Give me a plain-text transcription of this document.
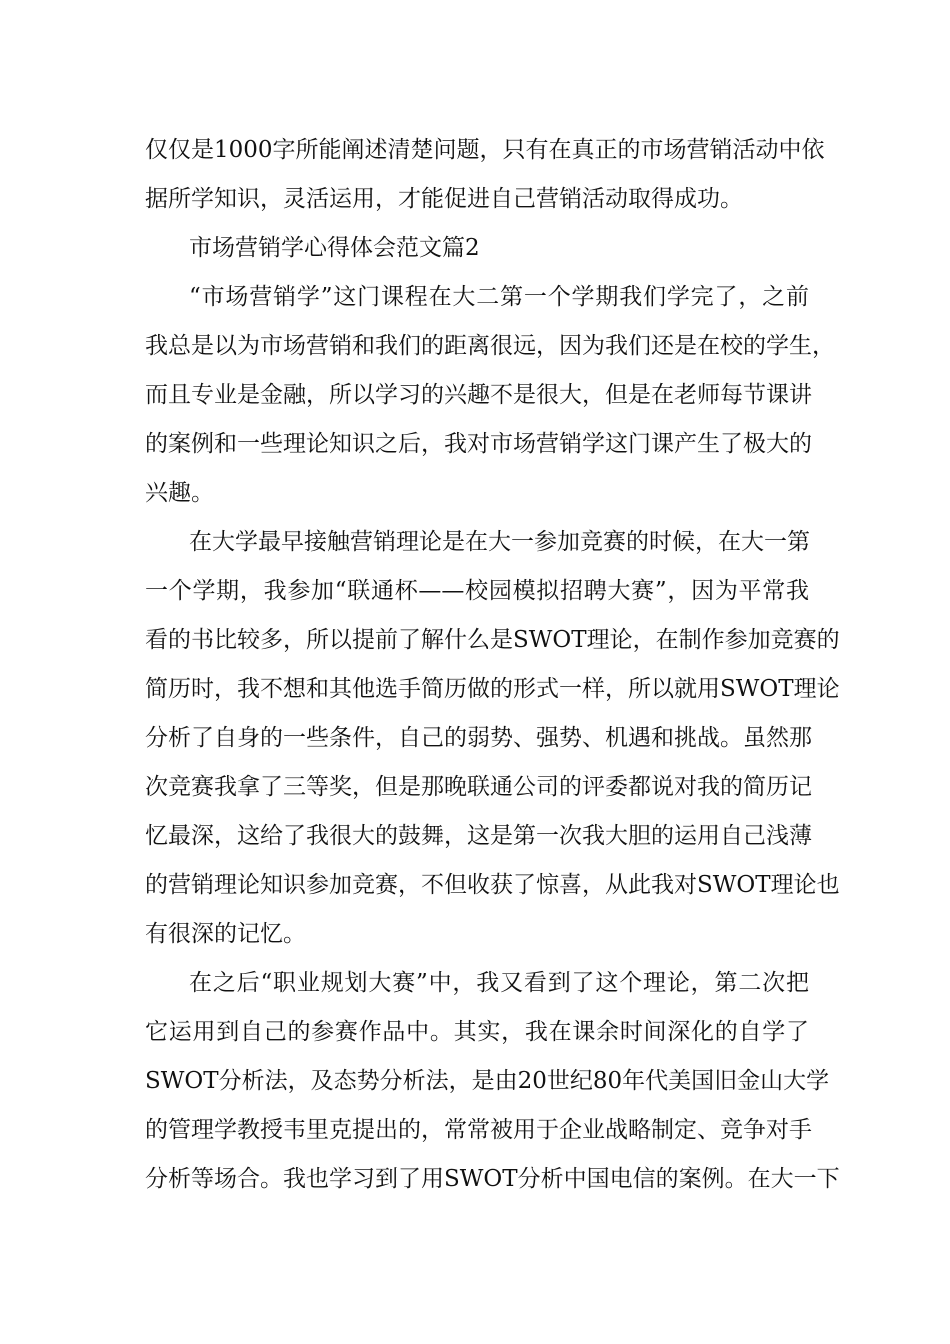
仅仅是1000字所能阐述清楚问题，只有在真正的市场营销活动中依
据所学知识，灵活运用，才能促进自己营销活动取得成功。
市场营销学心得体会范文篇2
“市场营销学”这门课程在大二第一个学期我们学完了，之前
我总是以为市场营销和我们的距离很远，因为我们还是在校的学生，
而且专业是金融，所以学习的兴趣不是很大，但是在老师每节课讲
的案例和一些理论知识之后，我对市场营销学这门课产生了极大的
兴趣。
在大学最早接触营销理论是在大一参加竞赛的时候，在大一第
一个学期，我参加“联通杯——校园模拟招聘大赛”，因为平常我
看的书比较多，所以提前了解什么是SWOT理论，在制作参加竞赛的
简历时，我不想和其他选手简历做的形式一样，所以就用SWOT理论
分析了自身的一些条件，自己的弱势、强势、机遇和挑战。虽然那
次竞赛我拿了三等奖，但是那晚联通公司的评委都说对我的简历记
忆最深，这给了我很大的鼓舞，这是第一次我大胆的运用自己浅薄
的营销理论知识参加竞赛，不但收获了惊喜，从此我对SWOT理论也
有很深的记忆。
在之后“职业规划大赛”中，我又看到了这个理论，第二次把
它运用到自己的参赛作品中。其实，我在课余时间深化的自学了
SWOT分析法，及态势分析法，是由20世纪80年代美国旧金山大学
的管理学教授韦里克提出的，常常被用于企业战略制定、竞争对手
分析等场合。我也学习到了用SWOT分析中国电信的案例。在大一下
